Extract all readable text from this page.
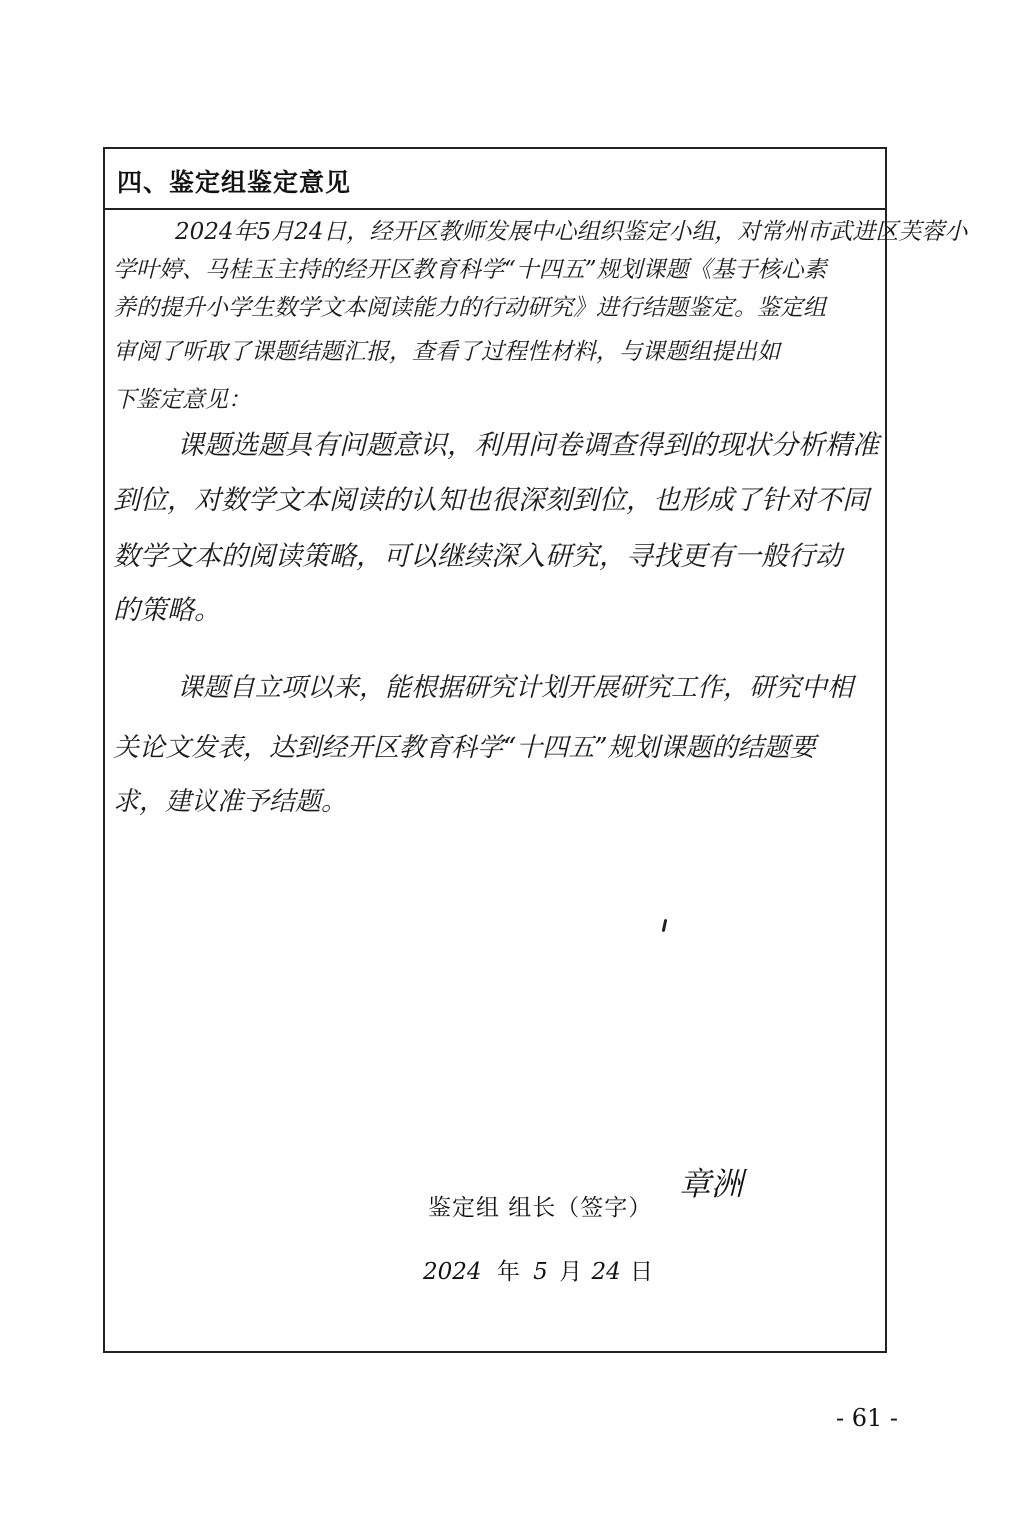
四、鉴定组鉴定意见
2024年5月24日，经开区教师发展中心组织鉴定小组，对常州市武进区芙蓉小
学叶婷、马桂玉主持的经开区教育科学“十四五”规划课题《基于核心素
养的提升小学生数学文本阅读能力的行动研究》进行结题鉴定。鉴定组
审阅了听取了课题结题汇报，查看了过程性材料，与课题组提出如
下鉴定意见：
课题选题具有问题意识，利用问卷调查得到的现状分析精准
到位，对数学文本阅读的认知也很深刻到位，也形成了针对不同
数学文本的阅读策略，可以继续深入研究，寻找更有一般行动
的策略。
课题自立项以来，能根据研究计划开展研究工作，研究中相
关论文发表，达到经开区教育科学“十四五”规划课题的结题要
求，建议准予结题。
鉴定组 组长（签字）
章洲
2024 年 5 月 24 日
- 61 -
